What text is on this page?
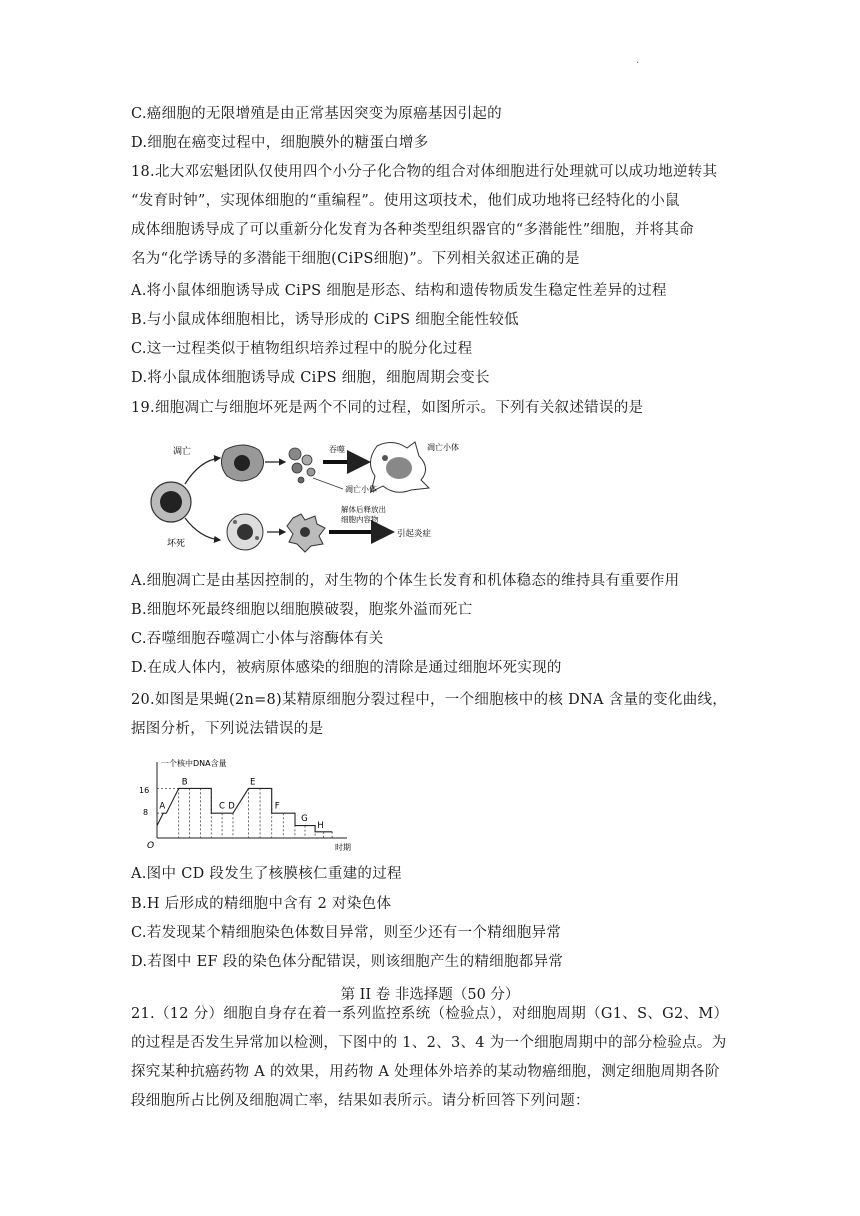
·
C.癌细胞的无限增殖是由正常基因突变为原癌基因引起的
D.细胞在癌变过程中，细胞膜外的糖蛋白增多
18.北大邓宏魁团队仅使用四个小分子化合物的组合对体细胞进行处理就可以成功地逆转其
“发育时钟”，实现体细胞的“重编程”。使用这项技术，他们成功地将已经特化的小鼠
成体细胞诱导成了可以重新分化发育为各种类型组织器官的“多潜能性”细胞，并将其命
名为“化学诱导的多潜能干细胞(CiPS细胞)”。下列相关叙述正确的是
A.将小鼠体细胞诱导成 CiPS 细胞是形态、结构和遗传物质发生稳定性差异的过程
B.与小鼠成体细胞相比，诱导形成的 CiPS 细胞全能性较低
C.这一过程类似于植物组织培养过程中的脱分化过程
D.将小鼠成体细胞诱导成 CiPS 细胞，细胞周期会变长
19.细胞凋亡与细胞坏死是两个不同的过程，如图所示。下列有关叙述错误的是
凋亡
坏死
吞噬	凋亡小体
凋亡小体
解体后释放出
细胞内容物
引起炎症
A.细胞凋亡是由基因控制的，对生物的个体生长发育和机体稳态的维持具有重要作用
B.细胞坏死最终细胞以细胞膜破裂，胞浆外溢而死亡
C.吞噬细胞吞噬凋亡小体与溶酶体有关
D.在成人体内，被病原体感染的细胞的清除是通过细胞坏死实现的
20.如图是果蝇(2n=8)某精原细胞分裂过程中，一个细胞核中的核 DNA 含量的变化曲线，
据图分析，下列说法错误的是
一个核中DNA含量
时期
O
16
8
A
B
C D
E
F
G
H
A.图中 CD 段发生了核膜核仁重建的过程
B.H 后形成的精细胞中含有 2 对染色体
C.若发现某个精细胞染色体数目异常，则至少还有一个精细胞异常
D.若图中 EF 段的染色体分配错误，则该细胞产生的精细胞都异常
第 II 卷 非选择题（50 分）
21.（12 分）细胞自身存在着一系列监控系统（检验点），对细胞周期（G1、S、G2、M）
的过程是否发生异常加以检测，下图中的 1、2、3、4 为一个细胞周期中的部分检验点。为
探究某种抗癌药物 A 的效果，用药物 A 处理体外培养的某动物癌细胞，测定细胞周期各阶
段细胞所占比例及细胞凋亡率，结果如表所示。请分析回答下列问题：
